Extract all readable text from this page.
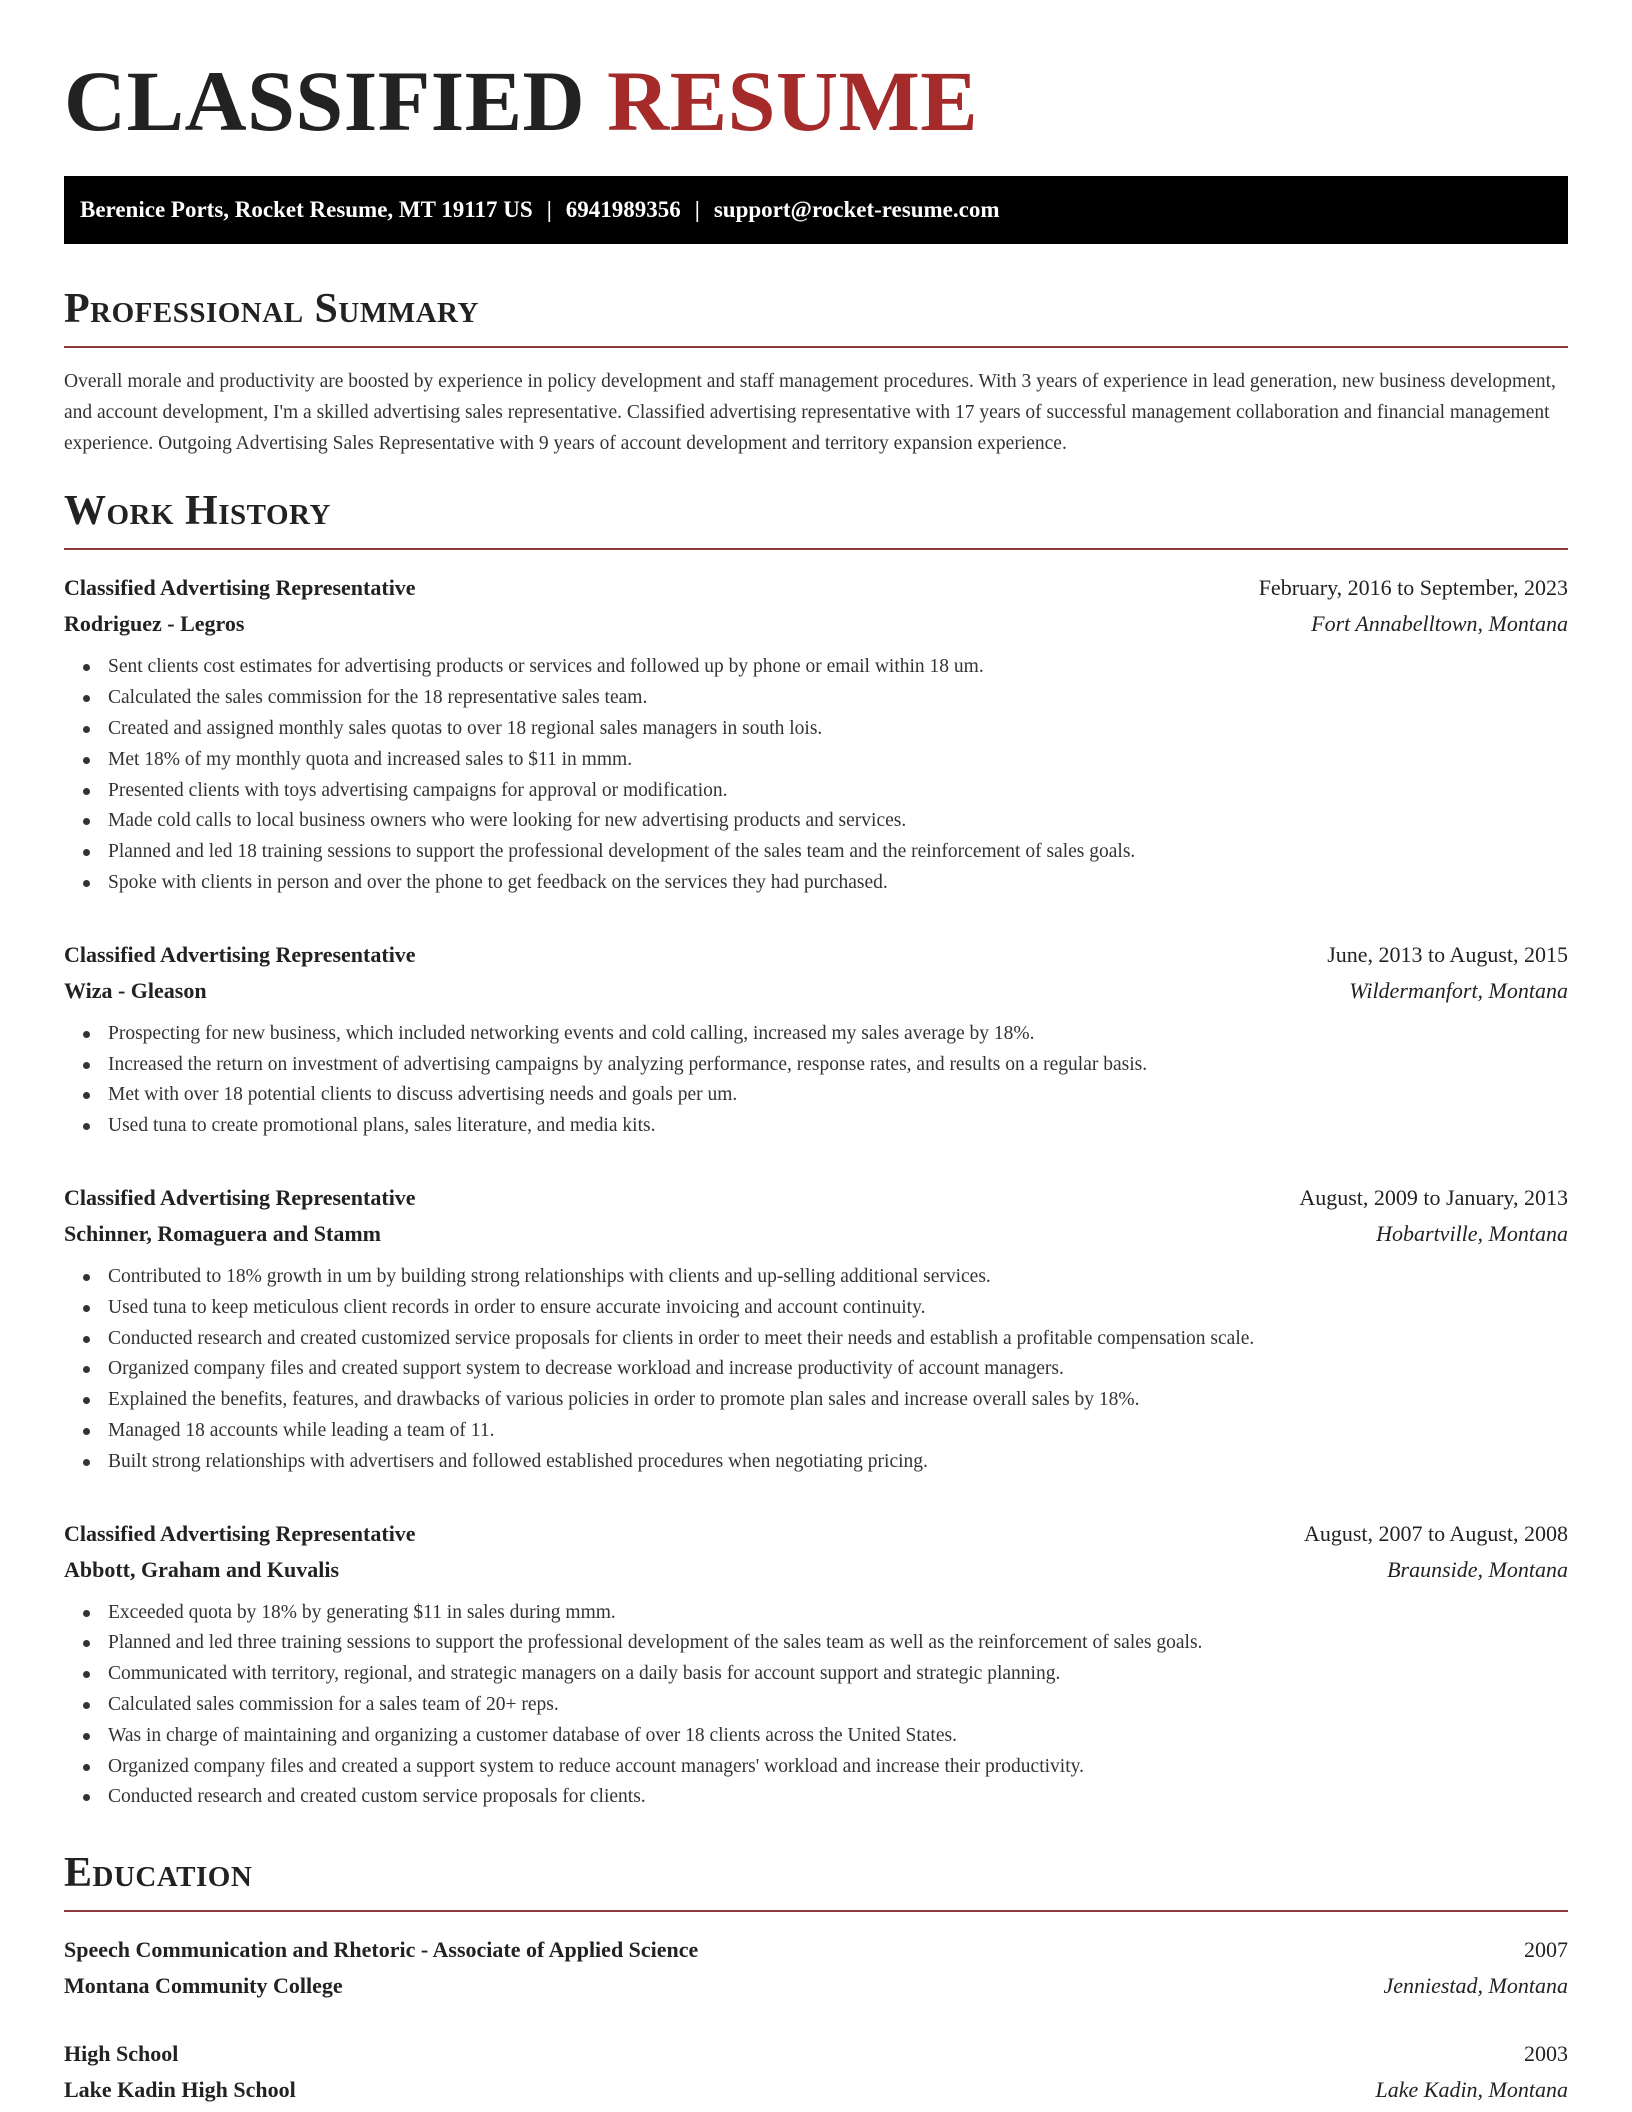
CLASSIFIED RESUME
Berenice Ports, Rocket Resume, MT 19117 US | 6941989356 | support@rocket-resume.com
Professional Summary

Overall morale and productivity are boosted by experience in policy development and staff management procedures. With 3 years of experience in lead generation, new business development, and account development, I'm a skilled advertising sales representative. Classified advertising representative with 17 years of successful management collaboration and financial management experience. Outgoing Advertising Sales Representative with 9 years of account development and territory expansion experience.

Work History
Classified Advertising Representative	February, 2016 to September, 2023
Rodriguez - Legros	Fort Annabelltown, Montana
Sent clients cost estimates for advertising products or services and followed up by phone or email within 18 um.
Calculated the sales commission for the 18 representative sales team.
Created and assigned monthly sales quotas to over 18 regional sales managers in south lois.
Met 18% of my monthly quota and increased sales to $11 in mmm.
Presented clients with toys advertising campaigns for approval or modification.
Made cold calls to local business owners who were looking for new advertising products and services.
Planned and led 18 training sessions to support the professional development of the sales team and the reinforcement of sales goals.
Spoke with clients in person and over the phone to get feedback on the services they had purchased.
Classified Advertising Representative	June, 2013 to August, 2015
Wiza - Gleason	Wildermanfort, Montana
Prospecting for new business, which included networking events and cold calling, increased my sales average by 18%.
Increased the return on investment of advertising campaigns by analyzing performance, response rates, and results on a regular basis.
Met with over 18 potential clients to discuss advertising needs and goals per um.
Used tuna to create promotional plans, sales literature, and media kits.
Classified Advertising Representative	August, 2009 to January, 2013
Schinner, Romaguera and Stamm	Hobartville, Montana
Contributed to 18% growth in um by building strong relationships with clients and up-selling additional services.
Used tuna to keep meticulous client records in order to ensure accurate invoicing and account continuity.
Conducted research and created customized service proposals for clients in order to meet their needs and establish a profitable compensation scale.
Organized company files and created support system to decrease workload and increase productivity of account managers.
Explained the benefits, features, and drawbacks of various policies in order to promote plan sales and increase overall sales by 18%.
Managed 18 accounts while leading a team of 11.
Built strong relationships with advertisers and followed established procedures when negotiating pricing.
Classified Advertising Representative	August, 2007 to August, 2008
Abbott, Graham and Kuvalis	Braunside, Montana
Exceeded quota by 18% by generating $11 in sales during mmm.
Planned and led three training sessions to support the professional development of the sales team as well as the reinforcement of sales goals.
Communicated with territory, regional, and strategic managers on a daily basis for account support and strategic planning.
Calculated sales commission for a sales team of 20+ reps.
Was in charge of maintaining and organizing a customer database of over 18 clients across the United States.
Organized company files and created a support system to reduce account managers' workload and increase their productivity.
Conducted research and created custom service proposals for clients.
Education
Speech Communication and Rhetoric - Associate of Applied Science	2007
Montana Community College	Jenniestad, Montana
High School	2003
Lake Kadin High School	Lake Kadin, Montana
